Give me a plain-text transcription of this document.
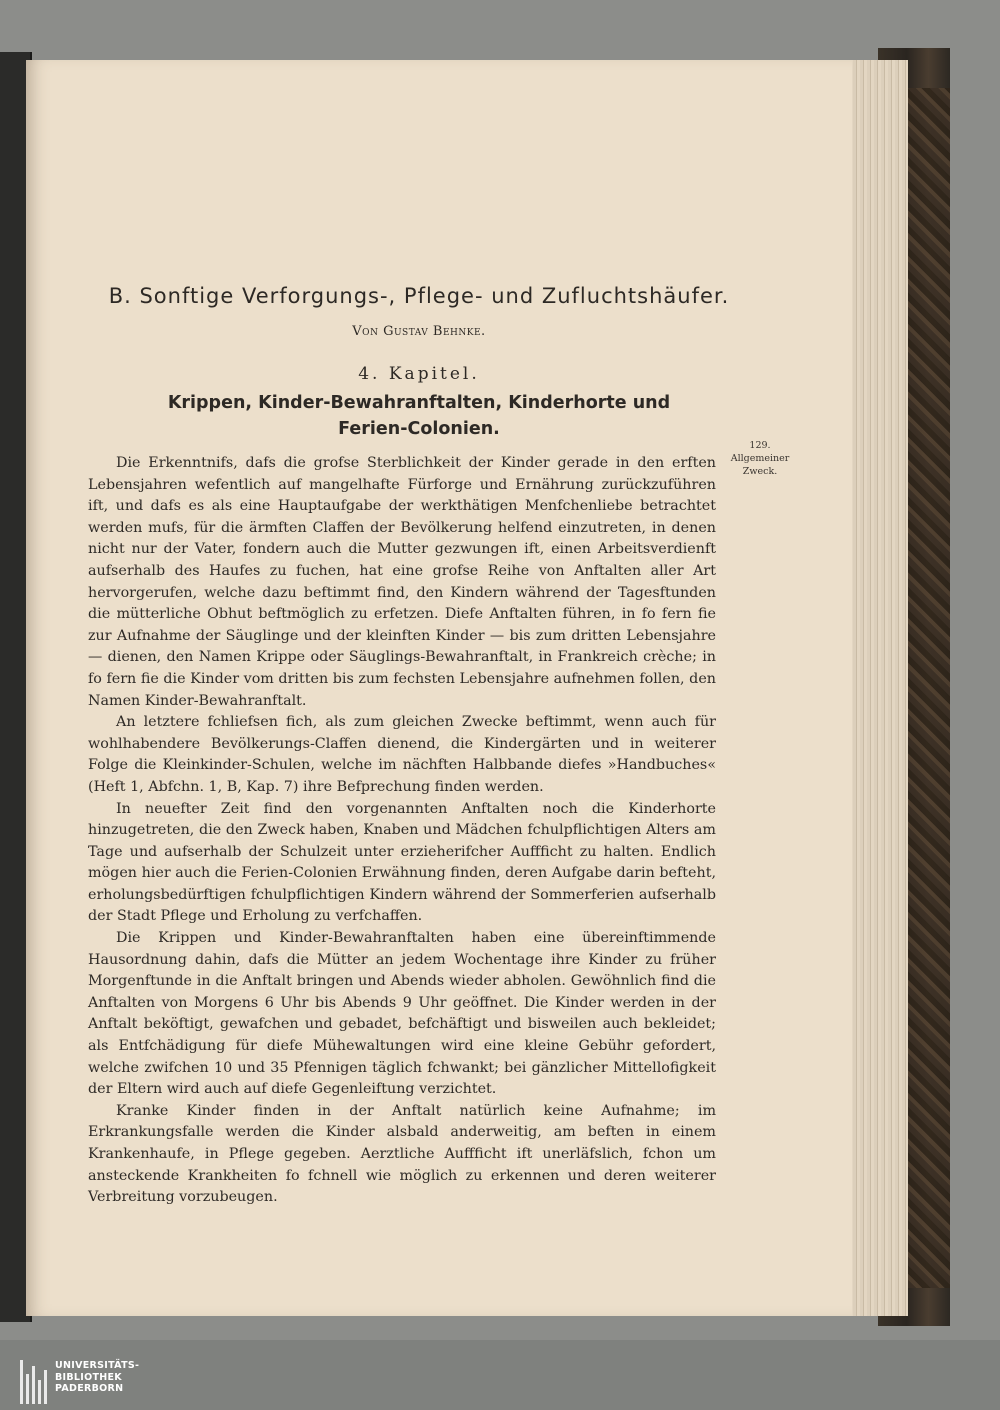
B. Sonftige Verforgungs-, Pflege- und Zufluchtshäufer.
Von Gustav Behnke.
4. Kapitel.
Krippen, Kinder-Bewahranftalten, Kinderhorte und
Ferien-Colonien.
129.
Allgemeiner
Zweck.

Die Erkenntnifs, dafs die grofse Sterblichkeit der Kinder gerade in den erften Lebensjahren wefentlich auf mangelhafte Fürforge und Ernährung zurückzuführen ift, und dafs es als eine Hauptaufgabe der werkthätigen Menfchenliebe betrachtet werden mufs, für die ärmften Claffen der Bevölkerung helfend einzutreten, in denen nicht nur der Vater, fondern auch die Mutter gezwungen ift, einen Arbeitsverdienft aufserhalb des Haufes zu fuchen, hat eine grofse Reihe von Anftalten aller Art hervorgerufen, welche dazu beftimmt find, den Kindern während der Tagesftunden die mütterliche Obhut beftmöglich zu erfetzen. Diefe Anftalten führen, in fo fern fie zur Aufnahme der Säuglinge und der kleinften Kinder — bis zum dritten Lebensjahre — dienen, den Namen Krippe oder Säuglings-Bewahranftalt, in Frankreich crèche; in fo fern fie die Kinder vom dritten bis zum fechsten Lebensjahre aufnehmen follen, den Namen Kinder-Bewahranftalt.

An letztere fchliefsen fich, als zum gleichen Zwecke beftimmt, wenn auch für wohlhabendere Bevölkerungs-Claffen dienend, die Kindergärten und in weiterer Folge die Kleinkinder-Schulen, welche im nächften Halbbande diefes »Handbuches« (Heft 1, Abfchn. 1, B, Kap. 7) ihre Befprechung finden werden.

In neuefter Zeit find den vorgenannten Anftalten noch die Kinderhorte hinzugetreten, die den Zweck haben, Knaben und Mädchen fchulpflichtigen Alters am Tage und aufserhalb der Schulzeit unter erzieherifcher Auffficht zu halten. Endlich mögen hier auch die Ferien-Colonien Erwähnung finden, deren Aufgabe darin befteht, erholungsbedürftigen fchulpflichtigen Kindern während der Sommerferien aufserhalb der Stadt Pflege und Erholung zu verfchaffen.

Die Krippen und Kinder-Bewahranftalten haben eine übereinftimmende Hausordnung dahin, dafs die Mütter an jedem Wochentage ihre Kinder zu früher Morgenftunde in die Anftalt bringen und Abends wieder abholen. Gewöhnlich find die Anftalten von Morgens 6 Uhr bis Abends 9 Uhr geöffnet. Die Kinder werden in der Anftalt beköftigt, gewafchen und gebadet, befchäftigt und bisweilen auch bekleidet; als Entfchädigung für diefe Mühewaltungen wird eine kleine Gebühr gefordert, welche zwifchen 10 und 35 Pfennigen täglich fchwankt; bei gänzlicher Mittellofigkeit der Eltern wird auch auf diefe Gegenleiftung verzichtet.

Kranke Kinder finden in der Anftalt natürlich keine Aufnahme; im Erkrankungsfalle werden die Kinder alsbald anderweitig, am beften in einem Krankenhaufe, in Pflege gegeben. Aerztliche Auffficht ift unerläfslich, fchon um ansteckende Krankheiten fo fchnell wie möglich zu erkennen und deren weiterer Verbreitung vorzubeugen.

UNIVERSITÄTS-
BIBLIOTHEK
PADERBORN
